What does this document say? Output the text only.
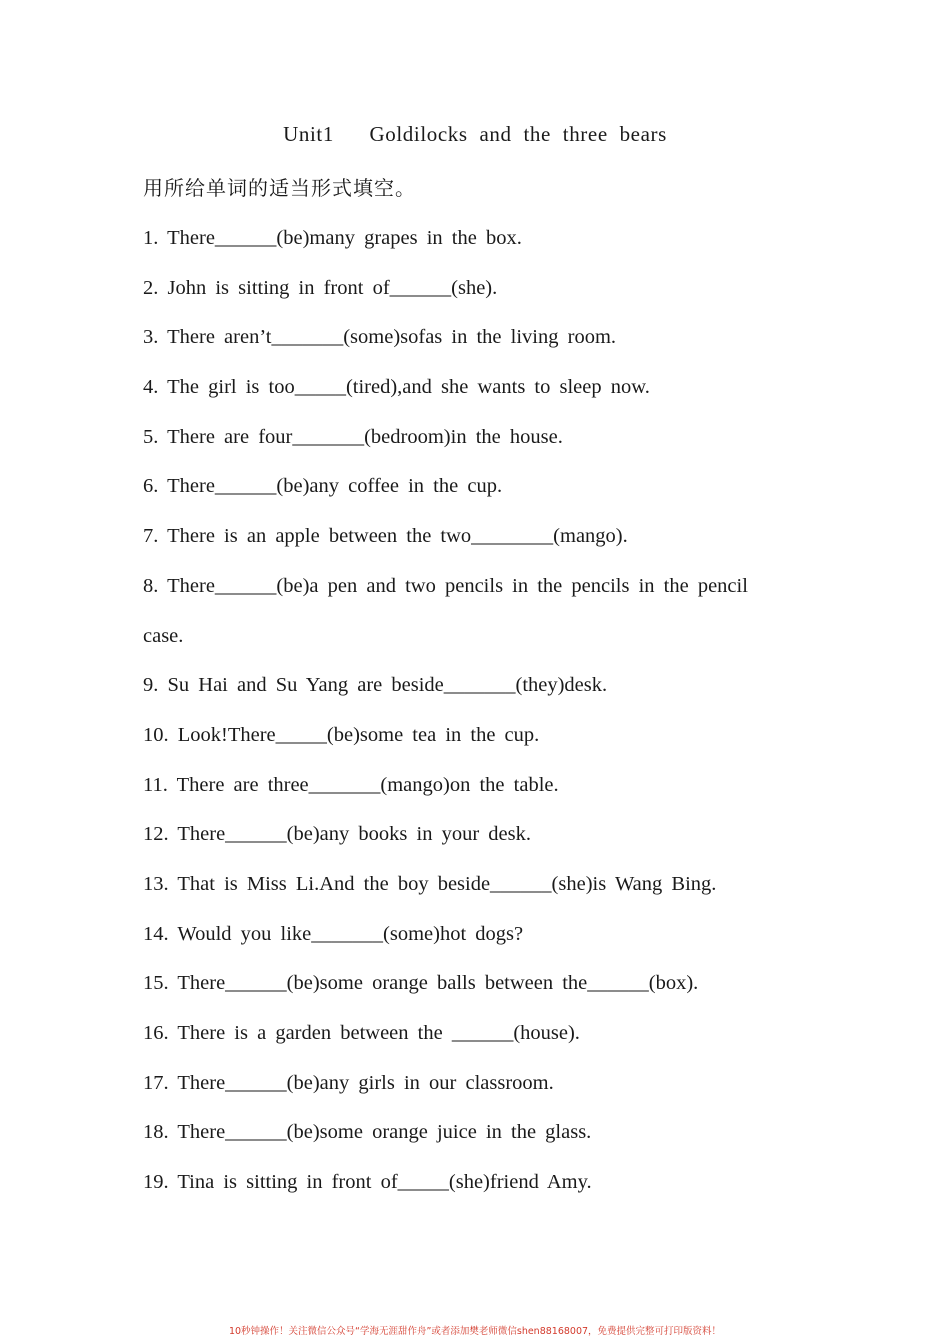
Unit1   Goldilocks and the three bears
用所给单词的适当形式填空。
1. There______(be)many grapes in the box.
2. John is sitting in front of______(she).
3. There aren’t_______(some)sofas in the living room.
4. The girl is too_____(tired),and she wants to sleep now.
5. There are four_______(bedroom)in the house.
6. There______(be)any coffee in the cup.
7. There is an apple between the two________(mango).
8. There______(be)a pen and two pencils in the pencils in the pencil
case.
9. Su Hai and Su Yang are beside_______(they)desk.
10. Look!There_____(be)some tea in the cup.
11. There are three_______(mango)on the table.
12. There______(be)any books in your desk.
13. That is Miss Li.And the boy beside______(she)is Wang Bing.
14. Would you like_______(some)hot dogs?
15. There______(be)some orange balls between the______(box).
16. There is a garden between the ______(house).
17. There______(be)any girls in our classroom.
18. There______(be)some orange juice in the glass.
19. Tina is sitting in front of_____(she)friend Amy.
10秒钟操作！关注微信公众号“学海无涯甜作舟”或者添加樊老师微信shen88168007，免费提供完整可打印版资料！
